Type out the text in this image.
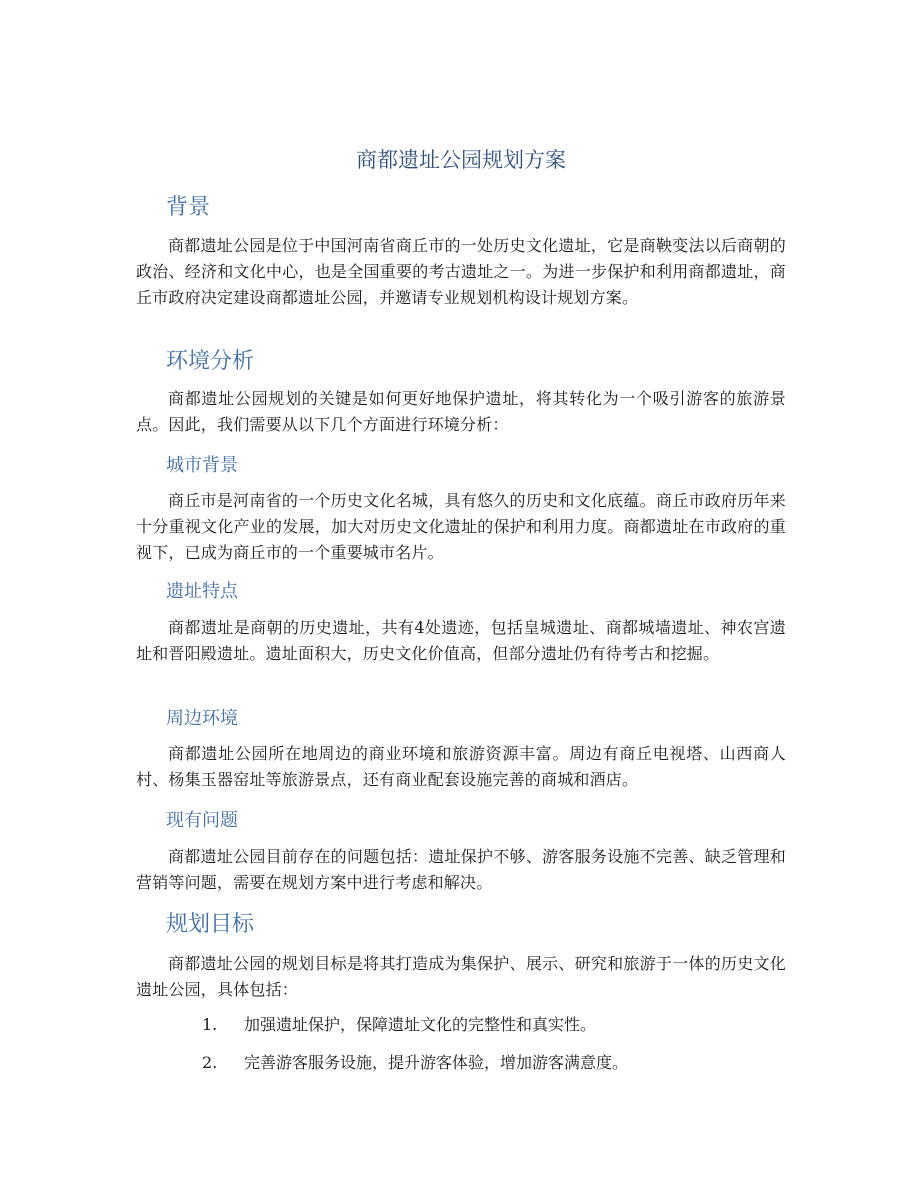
商都遗址公园规划方案
背景

商都遗址公园是位于中国河南省商丘市的一处历史文化遗址，它是商鞅变法以后商朝的政治、经济和文化中心，也是全国重要的考古遗址之一。为进一步保护和利用商都遗址，商丘市政府决定建设商都遗址公园，并邀请专业规划机构设计规划方案。

环境分析

商都遗址公园规划的关键是如何更好地保护遗址，将其转化为一个吸引游客的旅游景点。因此，我们需要从以下几个方面进行环境分析：

城市背景

商丘市是河南省的一个历史文化名城，具有悠久的历史和文化底蕴。商丘市政府历年来十分重视文化产业的发展，加大对历史文化遗址的保护和利用力度。商都遗址在市政府的重视下，已成为商丘市的一个重要城市名片。

遗址特点

商都遗址是商朝的历史遗址，共有4处遗迹，包括皇城遗址、商都城墙遗址、神农宫遗址和晋阳殿遗址。遗址面积大，历史文化价值高，但部分遗址仍有待考古和挖掘。

周边环境

商都遗址公园所在地周边的商业环境和旅游资源丰富。周边有商丘电视塔、山西商人村、杨集玉器窑址等旅游景点，还有商业配套设施完善的商城和酒店。

现有问题

商都遗址公园目前存在的问题包括：遗址保护不够、游客服务设施不完善、缺乏管理和营销等问题，需要在规划方案中进行考虑和解决。

规划目标

商都遗址公园的规划目标是将其打造成为集保护、展示、研究和旅游于一体的历史文化遗址公园，具体包括：

1. 加强遗址保护，保障遗址文化的完整性和真实性。
2. 完善游客服务设施，提升游客体验，增加游客满意度。
